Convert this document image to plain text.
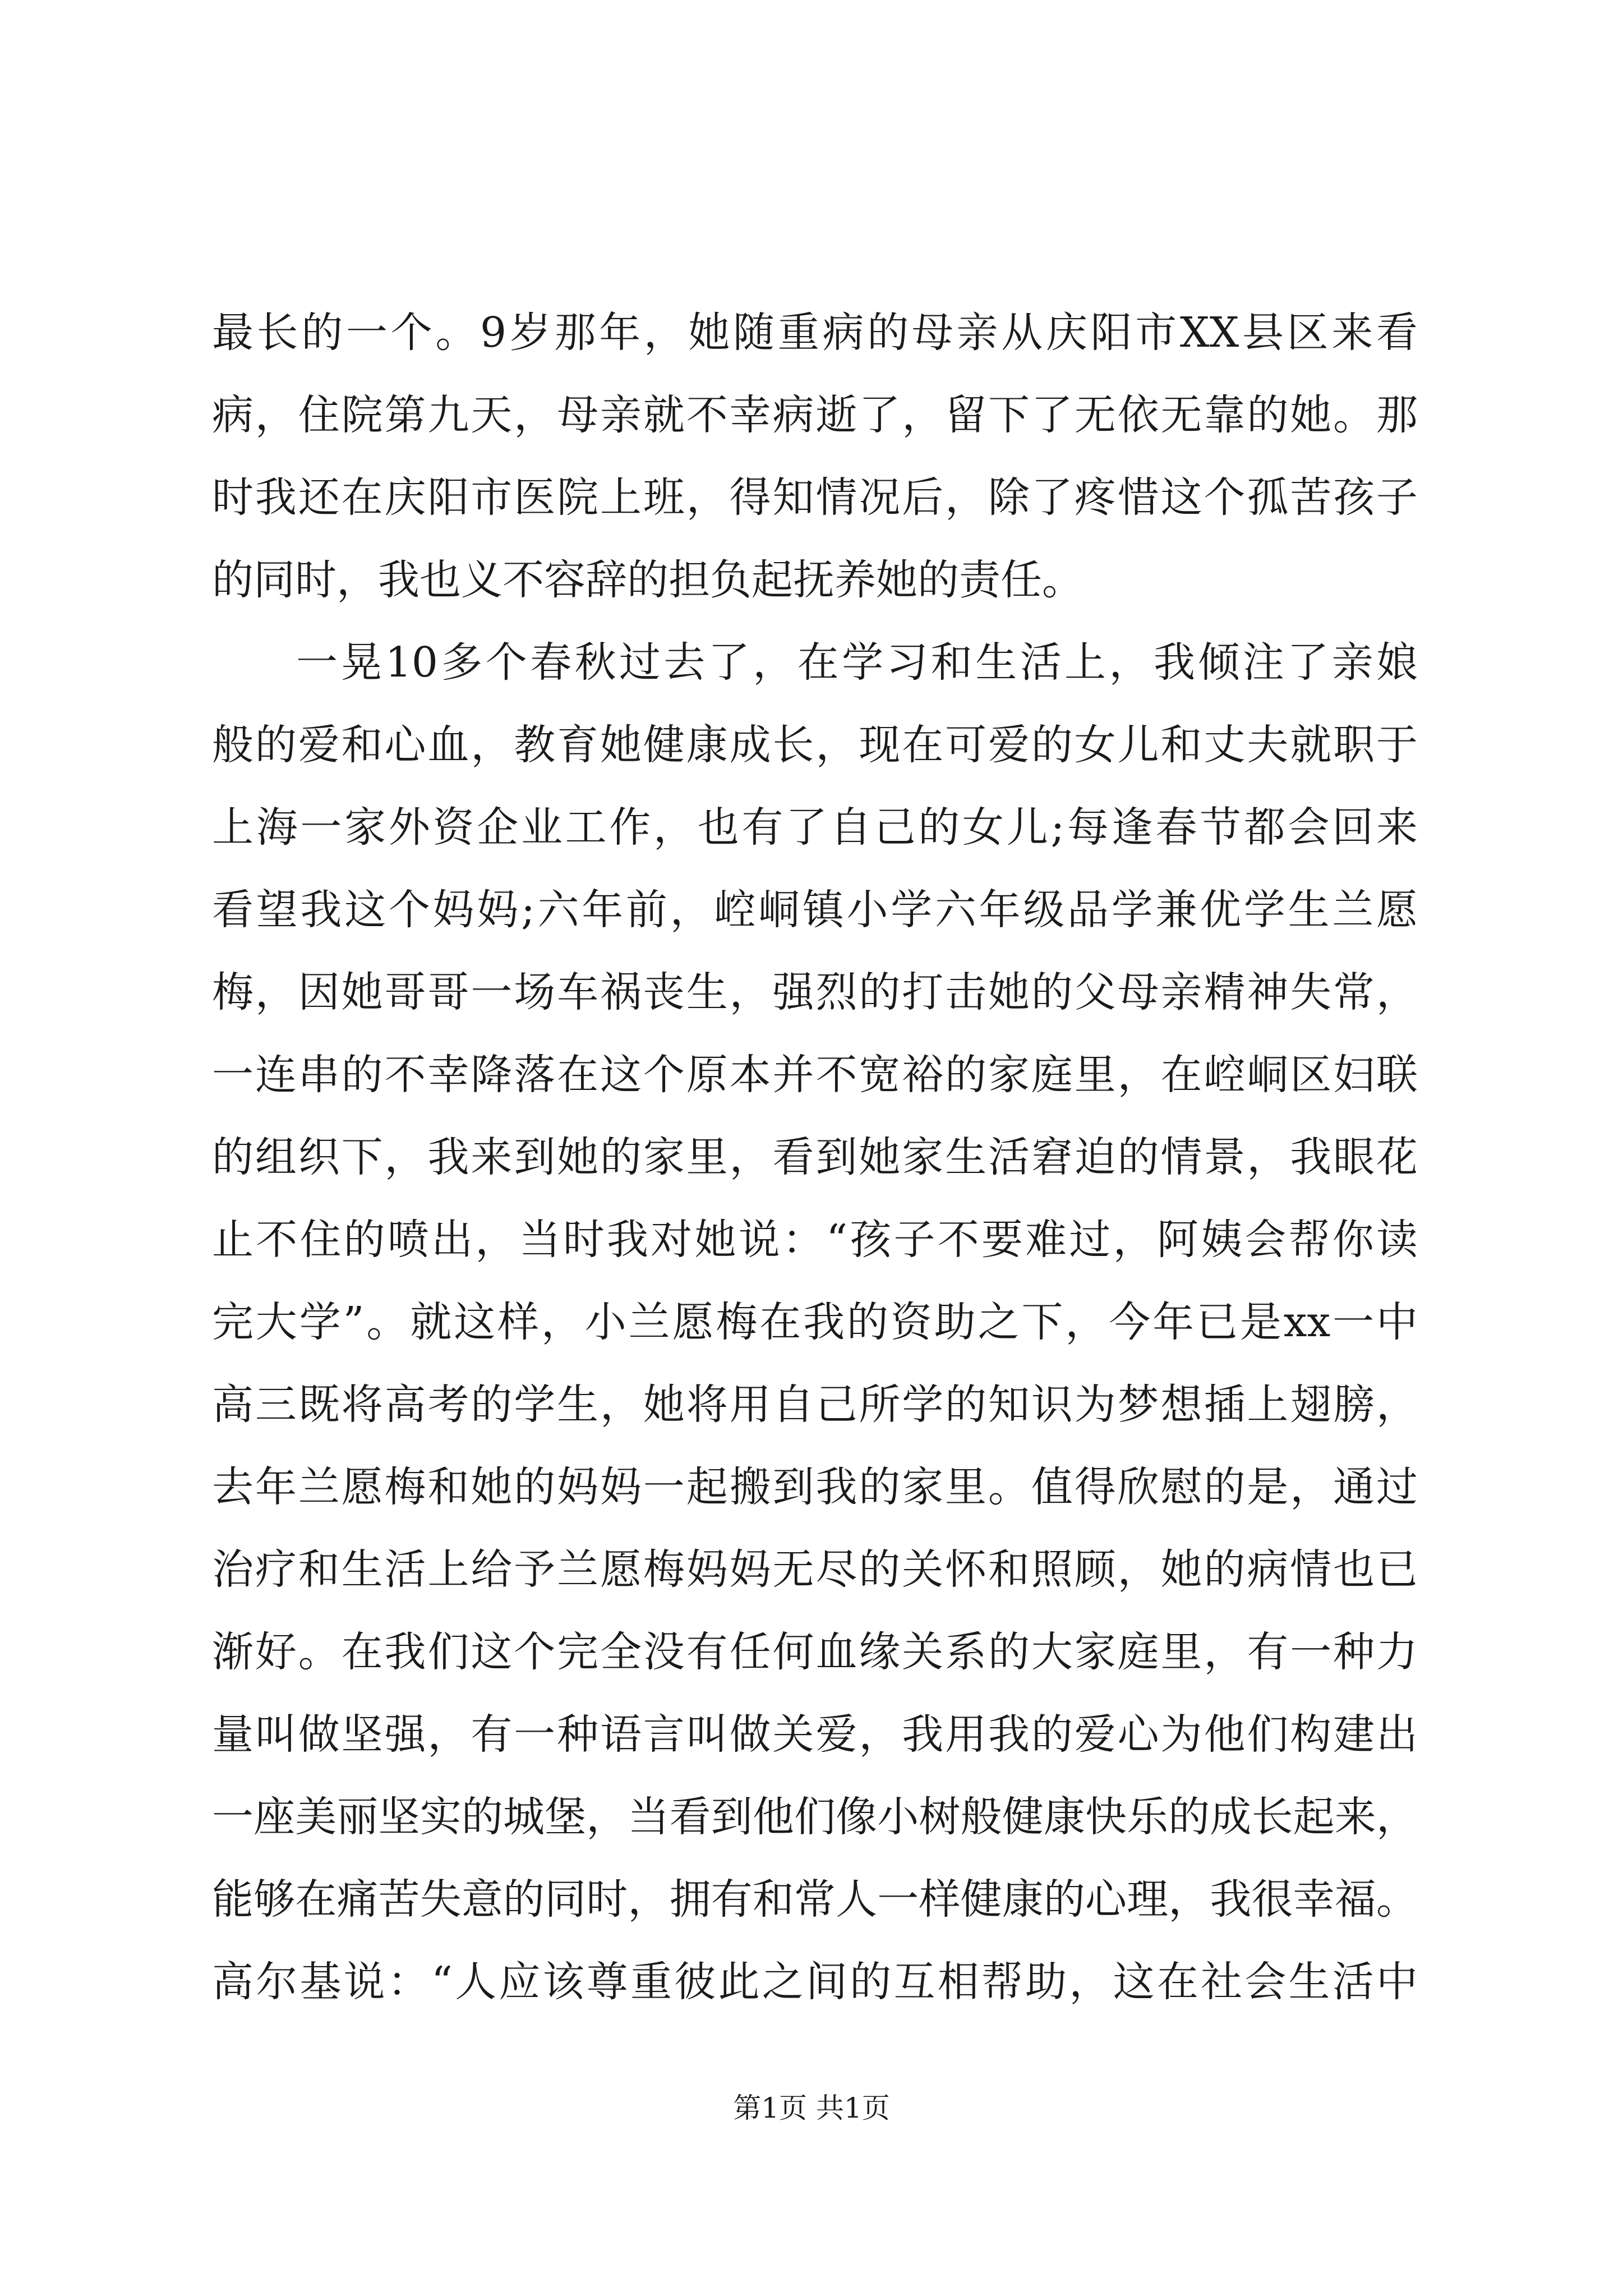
最长的一个。9岁那年，她随重病的母亲从庆阳市XX县区来看
病，住院第九天，母亲就不幸病逝了，留下了无依无靠的她。那
时我还在庆阳市医院上班，得知情况后，除了疼惜这个孤苦孩子
的同时，我也义不容辞的担负起抚养她的责任。
一晃10多个春秋过去了，在学习和生活上，我倾注了亲娘
般的爱和心血，教育她健康成长，现在可爱的女儿和丈夫就职于
上海一家外资企业工作，也有了自己的女儿;每逢春节都会回来
看望我这个妈妈;六年前，崆峒镇小学六年级品学兼优学生兰愿
梅，因她哥哥一场车祸丧生，强烈的打击她的父母亲精神失常，
一连串的不幸降落在这个原本并不宽裕的家庭里，在崆峒区妇联
的组织下，我来到她的家里，看到她家生活窘迫的情景，我眼花
止不住的喷出，当时我对她说：“孩子不要难过，阿姨会帮你读
完大学”。就这样，小兰愿梅在我的资助之下，今年已是xx一中
高三既将高考的学生，她将用自己所学的知识为梦想插上翅膀，
去年兰愿梅和她的妈妈一起搬到我的家里。值得欣慰的是，通过
治疗和生活上给予兰愿梅妈妈无尽的关怀和照顾，她的病情也已
渐好。在我们这个完全没有任何血缘关系的大家庭里，有一种力
量叫做坚强，有一种语言叫做关爱，我用我的爱心为他们构建出
一座美丽坚实的城堡，当看到他们像小树般健康快乐的成长起来，
能够在痛苦失意的同时，拥有和常人一样健康的心理，我很幸福。
高尔基说：“人应该尊重彼此之间的互相帮助，这在社会生活中
第1页 共1页
